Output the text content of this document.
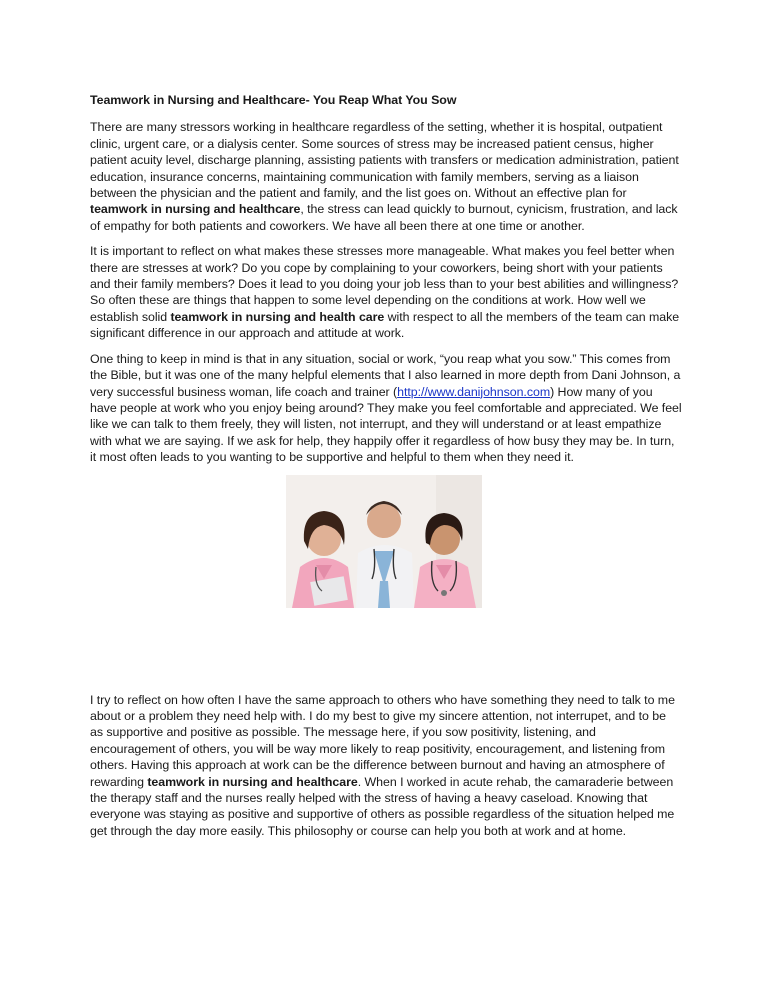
Teamwork in Nursing and Healthcare- You Reap What You Sow

There are many stressors working in healthcare regardless of the setting, whether it is hospital, outpatient clinic, urgent care, or a dialysis center. Some sources of stress may be increased patient census, higher patient acuity level, discharge planning, assisting patients with transfers or medication administration, patient education, insurance concerns, maintaining communication with family members, serving as a liaison between the physician and the patient and family, and the list goes on. Without an effective plan for teamwork in nursing and healthcare, the stress can lead quickly to burnout, cynicism, frustration, and lack of empathy for both patients and coworkers. We have all been there at one time or another.

It is important to reflect on what makes these stresses more manageable. What makes you feel better when there are stresses at work? Do you cope by complaining to your coworkers, being short with your patients and their family members? Does it lead to you doing your job less than to your best abilities and willingness? So often these are things that happen to some level depending on the conditions at work. How well we establish solid teamwork in nursing and health care with respect to all the members of the team can make significant difference in our approach and attitude at work.

One thing to keep in mind is that in any situation, social or work, “you reap what you sow.” This comes from the Bible, but it was one of the many helpful elements that I also learned in more depth from Dani Johnson, a very successful business woman, life coach and trainer (http://www.danijohnson.com) How many of you have people at work who you enjoy being around? They make you feel comfortable and appreciated. We feel like we can talk to them freely, they will listen, not interrupt, and they will understand or at least empathize with what we are saying. If we ask for help, they happily offer it regardless of how busy they may be. In turn, it most often leads to you wanting to be supportive and helpful to them when they need it.

I try to reflect on how often I have the same approach to others who have something they need to talk to me about or a problem they need help with. I do my best to give my sincere attention, not interrupet, and to be as supportive and positive as possible. The message here, if you sow positivity, listening, and encouragement of others, you will be way more likely to reap positivity, encouragement, and listening from others. Having this approach at work can be the difference between burnout and having an atmosphere of rewarding teamwork in nursing and healthcare. When I worked in acute rehab, the camaraderie between the therapy staff and the nurses really helped with the stress of having a heavy caseload. Knowing that everyone was staying as positive and supportive of others as possible regardless of the situation helped me get through the day more easily. This philosophy or course can help you both at work and at home.
